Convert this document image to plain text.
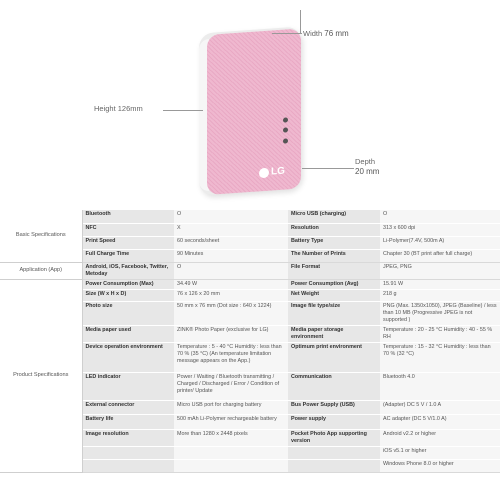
LG
Width 76 mm
Height 126mm
Depth
20 mm
Basic Specifications	Bluetooth	O	Micro USB (charging)	O
	NFC	X	Resolution	313 x 600 dpi
	Print Speed	60 seconds/sheet	Battery Type	Li-Polymer(7.4V, 500m A)
	Full Charge Time	90 Minutes	The Number of Prints	Chapter 30 (BT print after full charge)
Application (App)	Android, iOS, Facebook, Twitter, Metoday	O	File Format	JPEG, PNG
Product Specifications	Power Consumption (Max)	34.49 W	Power Consumption (Avg)	15.91 W
	Size (W x H x D)	76 x 126 x 20 mm	Net Weight	218 g
	Photo size	50 mm x 76 mm (Dot size : 640 x 1224)	Image file type/size	PNG (Max. 1350x1050), JPEG (Baseline) / less than 10 MB (Progressive JPEG is not supported )
	Media paper used	ZINK® Photo Paper (exclusive for LG)	Media paper storage environment	Temperature : 20 - 25 °C Humidity : 40 - 55 % RH
	Device operation environment	Temperature : 5 - 40 °C Humidity : less than 70 % (35 °C) (An temperature limitation message appears on the App.)	Optimum print environment	Temperature : 15 - 32 °C Humidity : less than 70 % (32 °C)
	LED indicator	Power / Waiting / Bluetooth transmitting / Charged / Discharged / Error / Condition of printer/ Update	Communication	Bluetooth 4.0
	External connector	Micro USB port for charging battery	Bus Power Supply (USB)	(Adapter) DC 5 V / 1.0 A
	Battery life	500 mAh Li-Polymer rechargeable battery	Power supply	AC adapter (DC 5 V/1.0 A)
	Image resolution	More than 1280 x 2448 pixels	Pocket Photo App supporting version	Android v2.2 or higher
				iOS v5.1 or higher
				Windows Phone 8.0 or higher
